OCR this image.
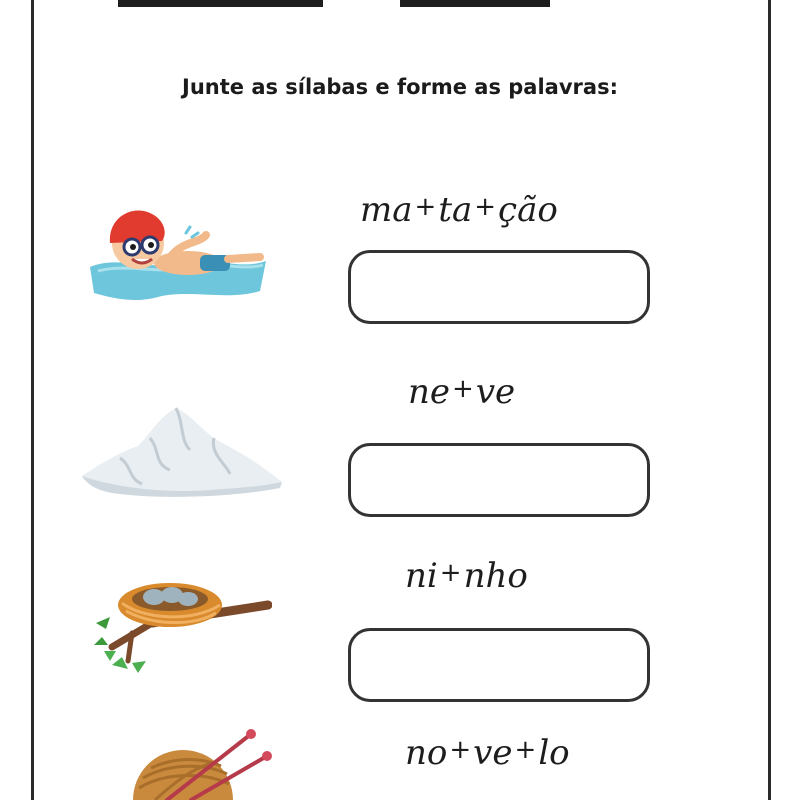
Junte as sílabas e forme as palavras:
ma+ta+ção
ne+ve
ni+nho
no+ve+lo
